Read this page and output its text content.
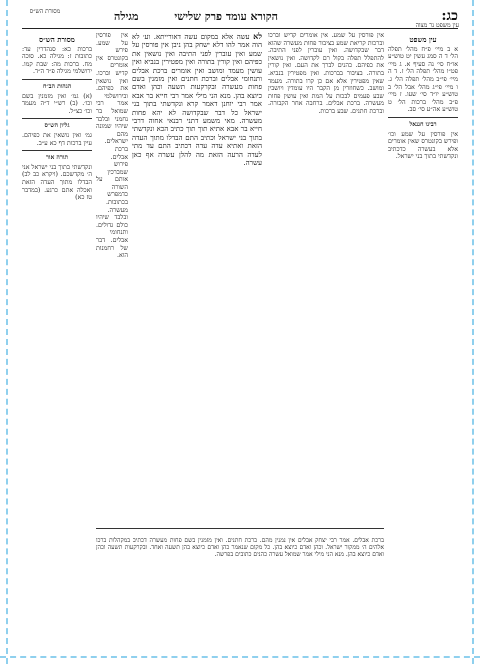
כג:
הקורא עומד פרק שלישי
מגילה
מסורת הש״ס
עין משפט נר מצוה
עין משפט

א ב מיי׳ פ״ח מהל׳ תפלה הל׳ ד ה סמג עשין יט טוש״ע או״ח סי׳ נה סעיף א. ג מיי׳ פט״ו מהל׳ תפלה הל׳ ז. ד ה מיי׳ פי״ב מהל׳ תפלה הל׳ ג. ו מיי׳ פי״ג מהל׳ אבל הל׳ ב טוש״ע יו״ד סי׳ שעו. ז מיי׳ פ״ב מהל׳ ברכות הל׳ ט טוש״ע אה״ע סי׳ סב.

רבינו חננאל

אין פורסין על שמע וכו׳ ופירש בקונטרס שאין אומרים אלא בעשרה כדכתיב ונקדשתי בתוך בני ישראל.

אין פורסין על שמע. אין אומרים קדיש וברכו וברכות קריאת שמע בציבור פחות מעשרה שהוא דבר שבקדושה. ואין עוברין לפני התיבה. להתפלל תפלה בקול רם לקדושה. ואין נושאין את כפיהם. כהנים לברך את העם. ואין קורין בתורה. בציבור בברכות. ואין מפטירין בנביא. שאין מפטירין אלא אם כן קרו בתורה. מעמד ומושב. כשחוזרין מן הקבר היו עומדין ויושבין שבע פעמים לבכות על המת ואין עושין פחות מעשרה. ברכת אבלים. ברחבה אחר הקבורה. וברכת חתנים. שבע ברכות.

לא עשה אלא במקום עשה דאורייתא. וע׳ לא הוה אמר להו דלא ישחק בהן ניבן אין פורסין על שמע ואין עוברין לפני התיבה ואין נושאין את כפיהם ואין קורין בתורה ואין מפטירין בנביא ואין עושין מעמד ומושב ואין אומרים ברכת אבלים ותנחומי אבלים וברכת חתנים ואין מזמנין בשם פחות מעשרה ובקרקעות תשעה וכהן ואדם כיוצא בהן. מנא הני מילי אמר רבי חייא בר אבא אמר רבי יוחנן דאמר קרא ונקדשתי בתוך בני ישראל כל דבר שבקדושה לא יהא פחות מעשרה. מאי משמע דתני רבנאי אחוה דרבי חייא בר אבא אתיא תוך תוך כתיב הכא ונקדשתי בתוך בני ישראל וכתיב התם הבדלו מתוך העדה הזאת ואתיא עדה עדה דכתיב התם עד מתי לעדה הרעה הזאת מה להלן עשרה אף כאן עשרה.

אין פורסין על שמע. פירש בקונטרס אין אומרים קדיש וברכו. ואין נושאין את כפיהם. ובירושלמי אמר רבי שמואל בר נחמני ובלבד שיהיו שמונה מהם ישראלים. ברכת אבלים. פירוש שמברכין אותם על השורה כדמפרש בכתובות. מעשרה. ובלבד שיהיו כולם גדולים. ותנחומי אבלים. דבר של רחמנות הוא.

מסורת הש״ס

ברכות כא: סנהדרין עד: כתובות ז: מגילה כא. סוכה מח. ברכות מה: שבת קמו. ירושלמי מגילה פ״ד ה״ד.

הגהות הב״ח

(א) גמ׳ ואין מזמנין בשם וכו׳. (ב) רש״י ד״ה מעמד וכו׳ כצ״ל.

גליון הש״ס

גמ׳ ואין נושאין את כפיהם. עיין ברכות דף כא ע״ב.

תורה אור

ונקדשתי בתוך בני ישראל אני ה׳ מקדשכם. (ויקרא כב לב) הבדלו מתוך העדה הזאת ואכלה אתם כרגע. (במדבר טז כא)

ברכת אבלים. אמר רבי יצחק אבלים אין נמנין מהם. ברכת חתנים. ואין מזמנין בשם פחות מעשרה דכתיב במקהלות ברכו אלהים ה׳ ממקור ישראל. וכהן ואדם כיוצא בהן. כל מקום שנאמר כהן ואדם כיוצא בהן תשעה ואחד. ובקרקעות תשעה וכהן ואדם כיוצא בהן. מנא הני מילי אמר שמואל עשרה כהנים כתובים בפרשה.
